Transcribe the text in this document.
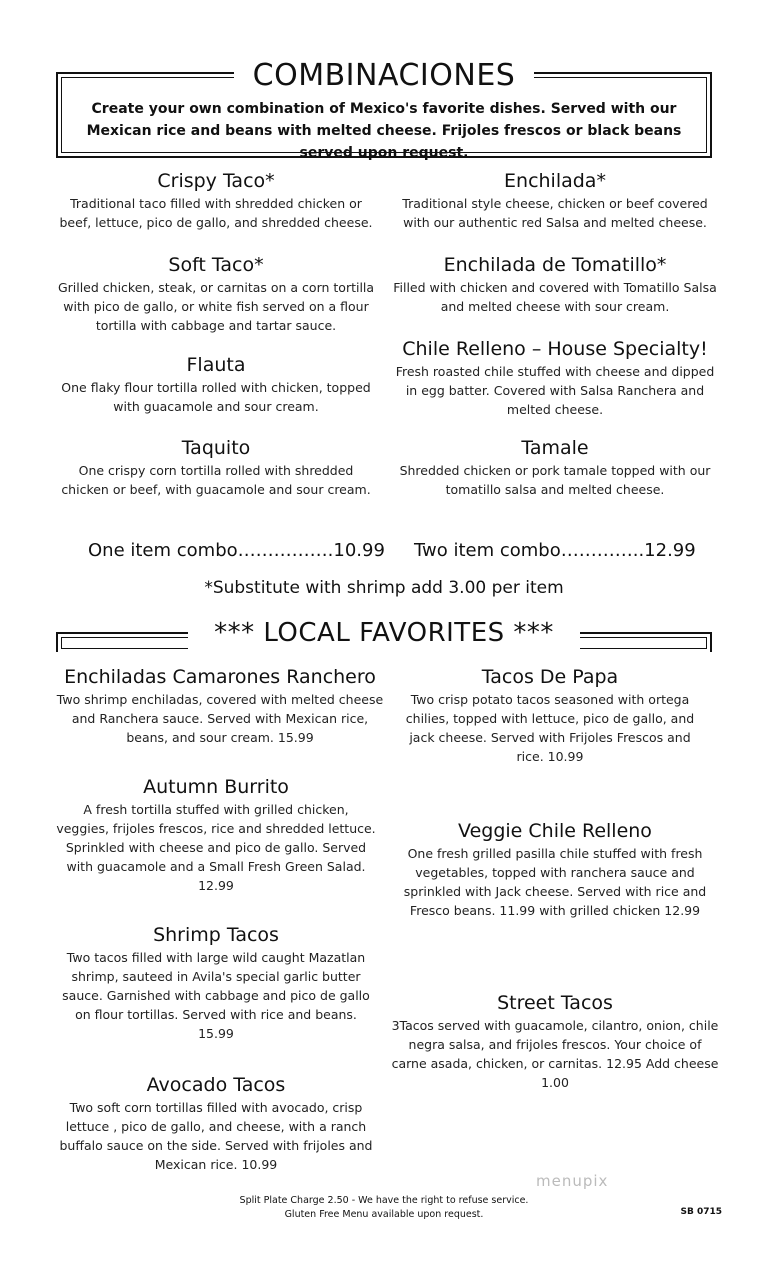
COMBINACIONES
Create your own combination of Mexico's favorite dishes. Served with our Mexican rice and beans with melted cheese. Frijoles frescos or black beans served upon request.
Crispy Taco*

Traditional taco filled with shredded chicken or beef, lettuce, pico de gallo, and shredded cheese.

Soft Taco*

Grilled chicken, steak, or carnitas on a corn tortilla with pico de gallo, or white fish served on a flour tortilla with cabbage and tartar sauce.

Flauta

One flaky flour tortilla rolled with chicken, topped with guacamole and sour cream.

Taquito

One crispy corn tortilla rolled with shredded chicken or beef, with guacamole and sour cream.

Enchilada*

Traditional style cheese, chicken or beef covered with our authentic red Salsa and melted cheese.

Enchilada de Tomatillo*

Filled with chicken and covered with Tomatillo Salsa and melted cheese with sour cream.

Chile Relleno – House Specialty!

Fresh roasted chile stuffed with cheese and dipped in egg batter. Covered with Salsa Ranchera and melted cheese.

Tamale

Shredded chicken or pork tamale topped with our tomatillo salsa and melted cheese.

One item combo…………….10.99 Two item combo…………..12.99
*Substitute with shrimp add 3.00 per item
*** LOCAL FAVORITES ***
Enchiladas Camarones Ranchero

Two shrimp enchiladas, covered with melted cheese and Ranchera sauce. Served with Mexican rice, beans, and sour cream. 15.99

Autumn Burrito

A fresh tortilla stuffed with grilled chicken, veggies, frijoles frescos, rice and shredded lettuce. Sprinkled with cheese and pico de gallo. Served with guacamole and a Small Fresh Green Salad. 12.99

Shrimp Tacos

Two tacos filled with large wild caught Mazatlan shrimp, sauteed in Avila's special garlic butter sauce. Garnished with cabbage and pico de gallo on flour tortillas. Served with rice and beans. 15.99

Avocado Tacos

Two soft corn tortillas filled with avocado, crisp lettuce , pico de gallo, and cheese, with a ranch buffalo sauce on the side. Served with frijoles and Mexican rice. 10.99

Tacos De Papa

Two crisp potato tacos seasoned with ortega chilies, topped with lettuce, pico de gallo, and jack cheese. Served with Frijoles Frescos and rice. 10.99

Veggie Chile Relleno

One fresh grilled pasilla chile stuffed with fresh vegetables, topped with ranchera sauce and sprinkled with Jack cheese. Served with rice and Fresco beans. 11.99 with grilled chicken 12.99

Street Tacos

3Tacos served with guacamole, cilantro, onion, chile negra salsa, and frijoles frescos. Your choice of carne asada, chicken, or carnitas. 12.95 Add cheese 1.00

menupix
Split Plate Charge 2.50 - We have the right to refuse service.
Gluten Free Menu available upon request.	SB 0715
